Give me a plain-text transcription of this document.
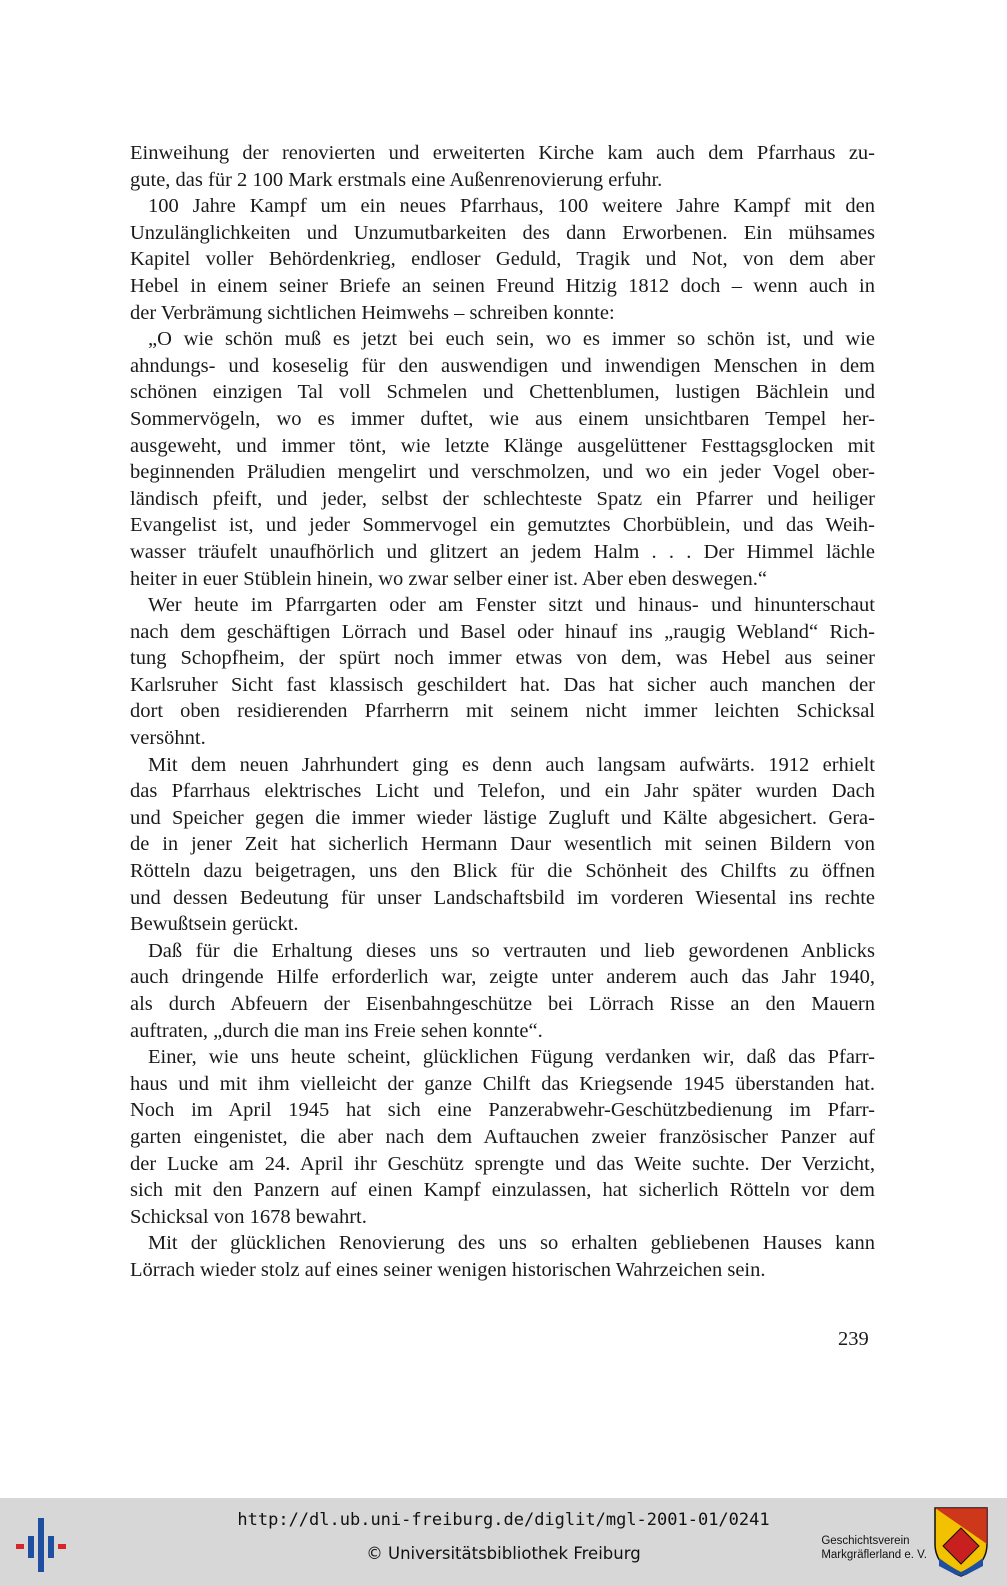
Einweihung der renovierten und erweiterten Kirche kam auch dem Pfarrhaus zu-
gute, das für 2 100 Mark erstmals eine Außenrenovierung erfuhr.
100 Jahre Kampf um ein neues Pfarrhaus, 100 weitere Jahre Kampf mit den
Unzulänglichkeiten und Unzumutbarkeiten des dann Erworbenen. Ein mühsames
Kapitel voller Behördenkrieg, endloser Geduld, Tragik und Not, von dem aber
Hebel in einem seiner Briefe an seinen Freund Hitzig 1812 doch – wenn auch in
der Verbrämung sichtlichen Heimwehs – schreiben konnte:
„O wie schön muß es jetzt bei euch sein, wo es immer so schön ist, und wie
ahndungs- und koseselig für den auswendigen und inwendigen Menschen in dem
schönen einzigen Tal voll Schmelen und Chettenblumen, lustigen Bächlein und
Sommervögeln, wo es immer duftet, wie aus einem unsichtbaren Tempel her-
ausgeweht, und immer tönt, wie letzte Klänge ausgelüttener Festtagsglocken mit
beginnenden Präludien mengelirt und verschmolzen, und wo ein jeder Vogel ober-
ländisch pfeift, und jeder, selbst der schlechteste Spatz ein Pfarrer und heiliger
Evangelist ist, und jeder Sommervogel ein gemutztes Chorbüblein, und das Weih-
wasser träufelt unaufhörlich und glitzert an jedem Halm . . . Der Himmel lächle
heiter in euer Stüblein hinein, wo zwar selber einer ist. Aber eben deswegen.“
Wer heute im Pfarrgarten oder am Fenster sitzt und hinaus- und hinunterschaut
nach dem geschäftigen Lörrach und Basel oder hinauf ins „raugig Webland“ Rich-
tung Schopfheim, der spürt noch immer etwas von dem, was Hebel aus seiner
Karlsruher Sicht fast klassisch geschildert hat. Das hat sicher auch manchen der
dort oben residierenden Pfarrherrn mit seinem nicht immer leichten Schicksal
versöhnt.
Mit dem neuen Jahrhundert ging es denn auch langsam aufwärts. 1912 erhielt
das Pfarrhaus elektrisches Licht und Telefon, und ein Jahr später wurden Dach
und Speicher gegen die immer wieder lästige Zugluft und Kälte abgesichert. Gera-
de in jener Zeit hat sicherlich Hermann Daur wesentlich mit seinen Bildern von
Rötteln dazu beigetragen, uns den Blick für die Schönheit des Chilfts zu öffnen
und dessen Bedeutung für unser Landschaftsbild im vorderen Wiesental ins rechte
Bewußtsein gerückt.
Daß für die Erhaltung dieses uns so vertrauten und lieb gewordenen Anblicks
auch dringende Hilfe erforderlich war, zeigte unter anderem auch das Jahr 1940,
als durch Abfeuern der Eisenbahngeschütze bei Lörrach Risse an den Mauern
auftraten, „durch die man ins Freie sehen konnte“.
Einer, wie uns heute scheint, glücklichen Fügung verdanken wir, daß das Pfarr-
haus und mit ihm vielleicht der ganze Chilft das Kriegsende 1945 überstanden hat.
Noch im April 1945 hat sich eine Panzerabwehr-Geschützbedienung im Pfarr-
garten eingenistet, die aber nach dem Auftauchen zweier französischer Panzer auf
der Lucke am 24. April ihr Geschütz sprengte und das Weite suchte. Der Verzicht,
sich mit den Panzern auf einen Kampf einzulassen, hat sicherlich Rötteln vor dem
Schicksal von 1678 bewahrt.
Mit der glücklichen Renovierung des uns so erhalten gebliebenen Hauses kann
Lörrach wieder stolz auf eines seiner wenigen historischen Wahrzeichen sein.
239
http://dl.ub.uni-freiburg.de/diglit/mgl-2001-01/0241
© Universitätsbibliothek Freiburg
Geschichtsverein
Markgräflerland e. V.
